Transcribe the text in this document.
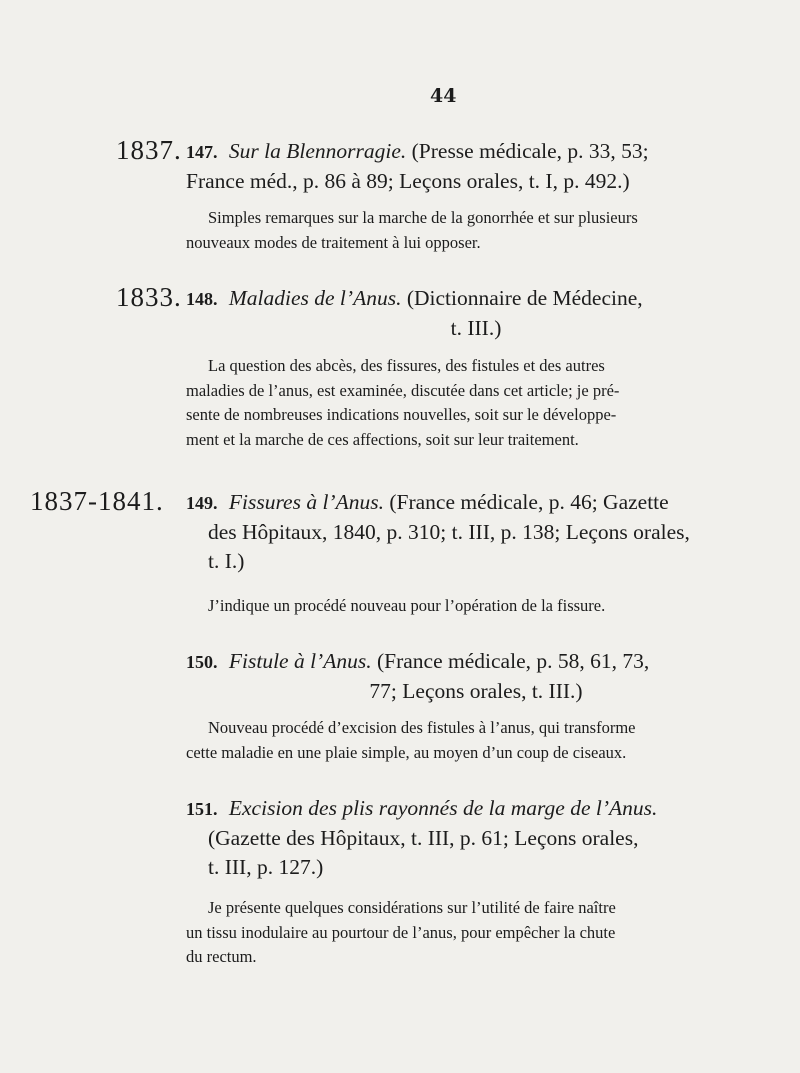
44
1837. 147. Sur la Blennorragie. (Presse médicale, p. 33, 53;
France méd., p. 86 à 89; Leçons orales, t. I, p. 492.)
Simples remarques sur la marche de la gonorrhée et sur plusieurs
nouveaux modes de traitement à lui opposer.
1833. 148. Maladies de l’Anus. (Dictionnaire de Médecine,
t. III.)
La question des abcès, des fissures, des fistules et des autres
maladies de l’anus, est examinée, discutée dans cet article; je pré-
sente de nombreuses indications nouvelles, soit sur le développe-
ment et la marche de ces affections, soit sur leur traitement.
1837-1841. 149. Fissures à l’Anus. (France médicale, p. 46; Gazette
des Hôpitaux, 1840, p. 310; t. III, p. 138; Leçons orales,
t. I.)
J’indique un procédé nouveau pour l’opération de la fissure.
150. Fistule à l’Anus. (France médicale, p. 58, 61, 73,
77; Leçons orales, t. III.)
Nouveau procédé d’excision des fistules à l’anus, qui transforme
cette maladie en une plaie simple, au moyen d’un coup de ciseaux.
151. Excision des plis rayonnés de la marge de l’Anus.
(Gazette des Hôpitaux, t. III, p. 61; Leçons orales,
t. III, p. 127.)
Je présente quelques considérations sur l’utilité de faire naître
un tissu inodulaire au pourtour de l’anus, pour empêcher la chute
du rectum.
